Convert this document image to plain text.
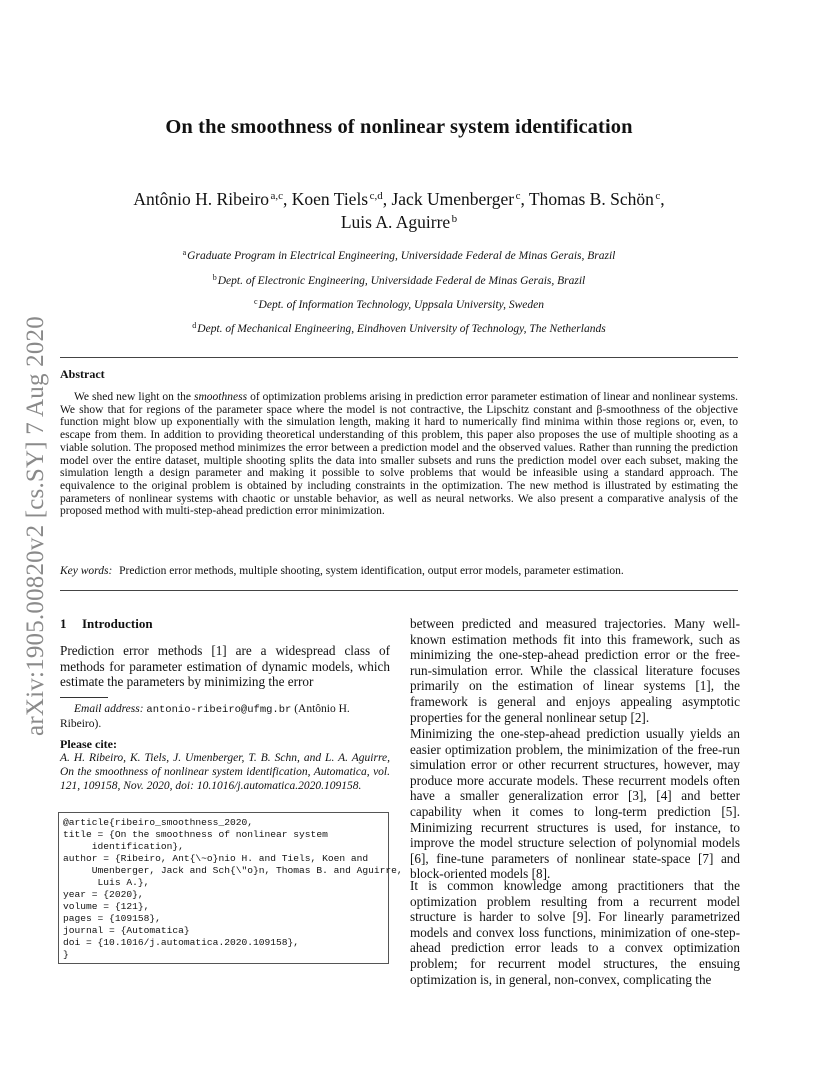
arXiv:1905.00820v2 [cs.SY] 7 Aug 2020
On the smoothness of nonlinear system identification
Antônio H. Ribeiro $^{a,c}$, Koen Tiels $^{c,d}$, Jack Umenberger $^c$, Thomas B. Schön $^c$,
Luis A. Aguirre $^b$
$^a$Graduate Program in Electrical Engineering, Universidade Federal de Minas Gerais, Brazil
$^b$Dept. of Electronic Engineering, Universidade Federal de Minas Gerais, Brazil
$^c$Dept. of Information Technology, Uppsala University, Sweden
$^d$Dept. of Mechanical Engineering, Eindhoven University of Technology, The Netherlands
Abstract
We shed new light on the smoothness of optimization problems arising in prediction error parameter estimation of linear and nonlinear systems. We show that for regions of the parameter space where the model is not contractive, the Lipschitz constant and β-smoothness of the objective function might blow up exponentially with the simulation length, making it hard to numerically find minima within those regions or, even, to escape from them. In addition to providing theoretical understanding of this problem, this paper also proposes the use of multiple shooting as a viable solution. The proposed method minimizes the error between a prediction model and the observed values. Rather than running the prediction model over the entire dataset, multiple shooting splits the data into smaller subsets and runs the prediction model over each subset, making the simulation length a design parameter and making it possible to solve problems that would be infeasible using a standard approach. The equivalence to the original problem is obtained by including constraints in the optimization. The new method is illustrated by estimating the parameters of nonlinear systems with chaotic or unstable behavior, as well as neural networks. We also present a comparative analysis of the proposed method with multi-step-ahead prediction error minimization.
Key words: Prediction error methods, multiple shooting, system identification, output error models, parameter estimation.
1 Introduction
Prediction error methods [1] are a widespread class of methods for parameter estimation of dynamic models, which estimate the parameters by minimizing the error
Email address: antonio-ribeiro@ufmg.br (Antônio H. Ribeiro).
Please cite:
A. H. Ribeiro, K. Tiels, J. Umenberger, T. B. Schn, and L. A. Aguirre, On the smoothness of nonlinear system identification, Automatica, vol. 121, 109158, Nov. 2020, doi: 10.1016/j.automatica.2020.109158.
@article{ribeiro_smoothness_2020,
title = {On the smoothness of nonlinear system
identification},
author = {Ribeiro, Ant{\~o}nio H. and Tiels, Koen and
Umenberger, Jack and Sch{\"o}n, Thomas B. and Aguirre,
Luis A.},
year = {2020},
volume = {121},
pages = {109158},
journal = {Automatica}
doi = {10.1016/j.automatica.2020.109158},
}
between predicted and measured trajectories. Many well-known estimation methods fit into this framework, such as minimizing the one-step-ahead prediction error or the free-run-simulation error. While the classical literature focuses primarily on the estimation of linear systems [1], the framework is general and enjoys appealing asymptotic properties for the general nonlinear setup [2].
Minimizing the one-step-ahead prediction usually yields an easier optimization problem, the minimization of the free-run simulation error or other recurrent structures, however, may produce more accurate models. These recurrent models often have a smaller generalization error [3], [4] and better capability when it comes to long-term prediction [5]. Minimizing recurrent structures is used, for instance, to improve the model structure selection of polynomial models [6], fine-tune parameters of nonlinear state-space [7] and block-oriented models [8].
It is common knowledge among practitioners that the optimization problem resulting from a recurrent model structure is harder to solve [9]. For linearly parametrized models and convex loss functions, minimization of one-step-ahead prediction error leads to a convex optimization problem; for recurrent model structures, the ensuing optimization is, in general, non-convex, complicating the
